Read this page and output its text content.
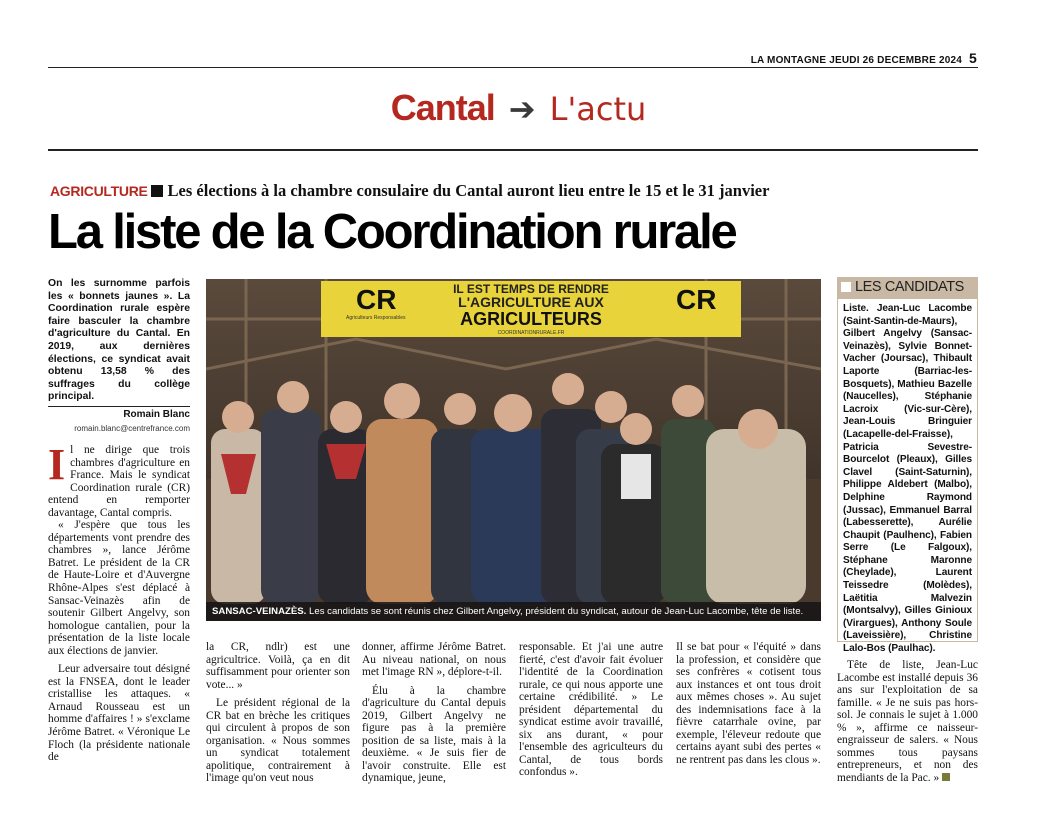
LA MONTAGNE JEUDI 26 DECEMBRE 2024 5
Cantal ➔ L'actu
AGRICULTURE Les élections à la chambre consulaire du Cantal auront lieu entre le 15 et le 31 janvier
La liste de la Coordination rurale
On les surnomme parfois les « bonnets jaunes ». La Coordination rurale espère faire basculer la chambre d'agriculture du Cantal. En 2019, aux dernières élections, ce syndicat avait obtenu 13,58 % des suffrages du collège principal.
Romain Blanc
romain.blanc@centrefrance.com

Il ne dirige que trois chambres d'agriculture en France. Mais le syndicat Coordination rurale (CR) entend en remporter davantage, Cantal compris.

« J'espère que tous les départements vont prendre des chambres », lance Jérôme Batret. Le président de la CR de Haute-Loire et d'Auvergne Rhône-Alpes s'est déplacé à Sansac-Veinazès afin de soutenir Gilbert Angelvy, son homologue cantalien, pour la présentation de la liste locale aux élections de janvier.

Leur adversaire tout désigné est la FNSEA, dont le leader cristallise les attaques. « Arnaud Rousseau est un homme d'affaires ! » s'exclame Jérôme Batret. « Véronique Le Floch (la présidente nationale de

CR
Agriculteurs Responsables
CR
IL EST TEMPS DE RENDRE
L'AGRICULTURE AUX
AGRICULTEURS
COORDINATIONRURALE.FR
SANSAC-VEINAZÈS. Les candidats se sont réunis chez Gilbert Angelvy, président du syndicat, autour de Jean-Luc Lacombe, tête de liste.

la CR, ndlr) est une agricultrice. Voilà, ça en dit suffisamment pour orienter son vote... »

Le président régional de la CR bat en brèche les critiques qui circulent à propos de son organisation. « Nous sommes un syndicat totalement apolitique, contrairement à l'image qu'on veut nous

donner, affirme Jérôme Batret. Au niveau national, on nous met l'image RN », déplore-t-il.

Élu à la chambre d'agriculture du Cantal depuis 2019, Gilbert Angelvy ne figure pas à la première position de sa liste, mais à la deuxième. « Je suis fier de l'avoir construite. Elle est dynamique, jeune,

responsable. Et j'ai une autre fierté, c'est d'avoir fait évoluer l'identité de la Coordination rurale, ce qui nous apporte une certaine crédibilité. » Le président départemental du syndicat estime avoir travaillé, six ans durant, « pour l'ensemble des agriculteurs du Cantal, de tous bords confondus ».

Il se bat pour « l'équité » dans la profession, et considère que ses confrères « cotisent tous aux instances et ont tous droit aux mêmes choses ». Au sujet des indemnisations face à la fièvre catarrhale ovine, par exemple, l'éleveur redoute que certains ayant subi des pertes « ne rentrent pas dans les clous ».

LES CANDIDATS
Liste. Jean-Luc Lacombe (Saint-Santin-de-Maurs), Gilbert Angelvy (Sansac-Veinazès), Sylvie Bonnet-Vacher (Joursac), Thibault Laporte (Barriac-les-Bosquets), Mathieu Bazelle (Naucelles), Stéphanie Lacroix (Vic-sur-Cère), Jean-Louis Bringuier (Lacapelle-del-Fraisse), Patricia Sevestre-Bourcelot (Pleaux), Gilles Clavel (Saint-Saturnin), Philippe Aldebert (Malbo), Delphine Raymond (Jussac), Emmanuel Barral (Labesserette), Aurélie Chaupit (Paulhenc), Fabien Serre (Le Falgoux), Stéphane Maronne (Cheylade), Laurent Teissedre (Molèdes), Laëtitia Malvezin (Montsalvy), Gilles Ginioux (Virargues), Anthony Soule (Laveissière), Christine Lalo-Bos (Paulhac).

Tête de liste, Jean-Luc Lacombe est installé depuis 36 ans sur l'exploitation de sa famille. « Je ne suis pas hors-sol. Je connais le sujet à 1.000 % », affirme ce naisseur-engraisseur de salers. « Nous sommes tous paysans entrepreneurs, et non des mendiants de la Pac. »
